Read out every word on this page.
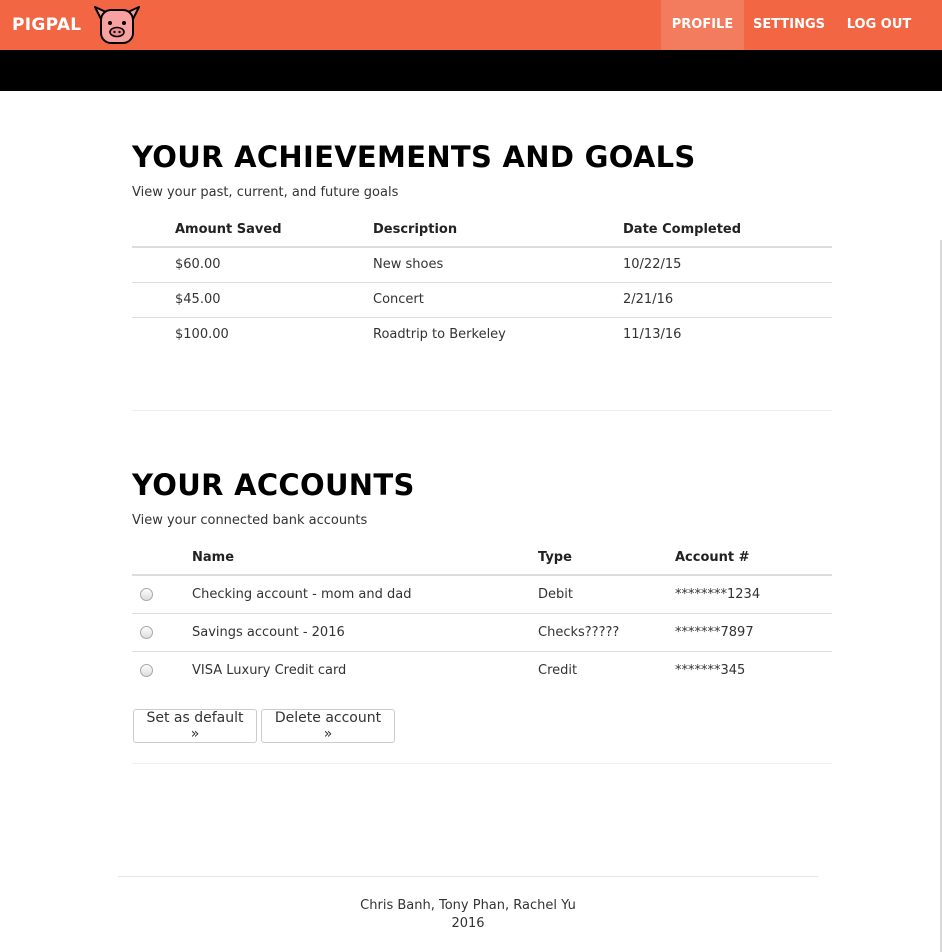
PIGPAL	PROFILE	SETTINGS	LOG OUT
YOUR ACHIEVEMENTS AND GOALS

View your past, current, and future goals

Amount Saved	Description	Date Completed
$60.00	New shoes	10/22/15
$45.00	Concert	2/21/16
$100.00	Roadtrip to Berkeley	11/13/16
YOUR ACCOUNTS

View your connected bank accounts

	Name	Type	Account #
	Checking account - mom and dad	Debit	********1234
	Savings account - 2016	Checks?????	*******7897
	VISA Luxury Credit card	Credit	*******345
Set as default »
Delete account »
Chris Banh, Tony Phan, Rachel Yu
2016
